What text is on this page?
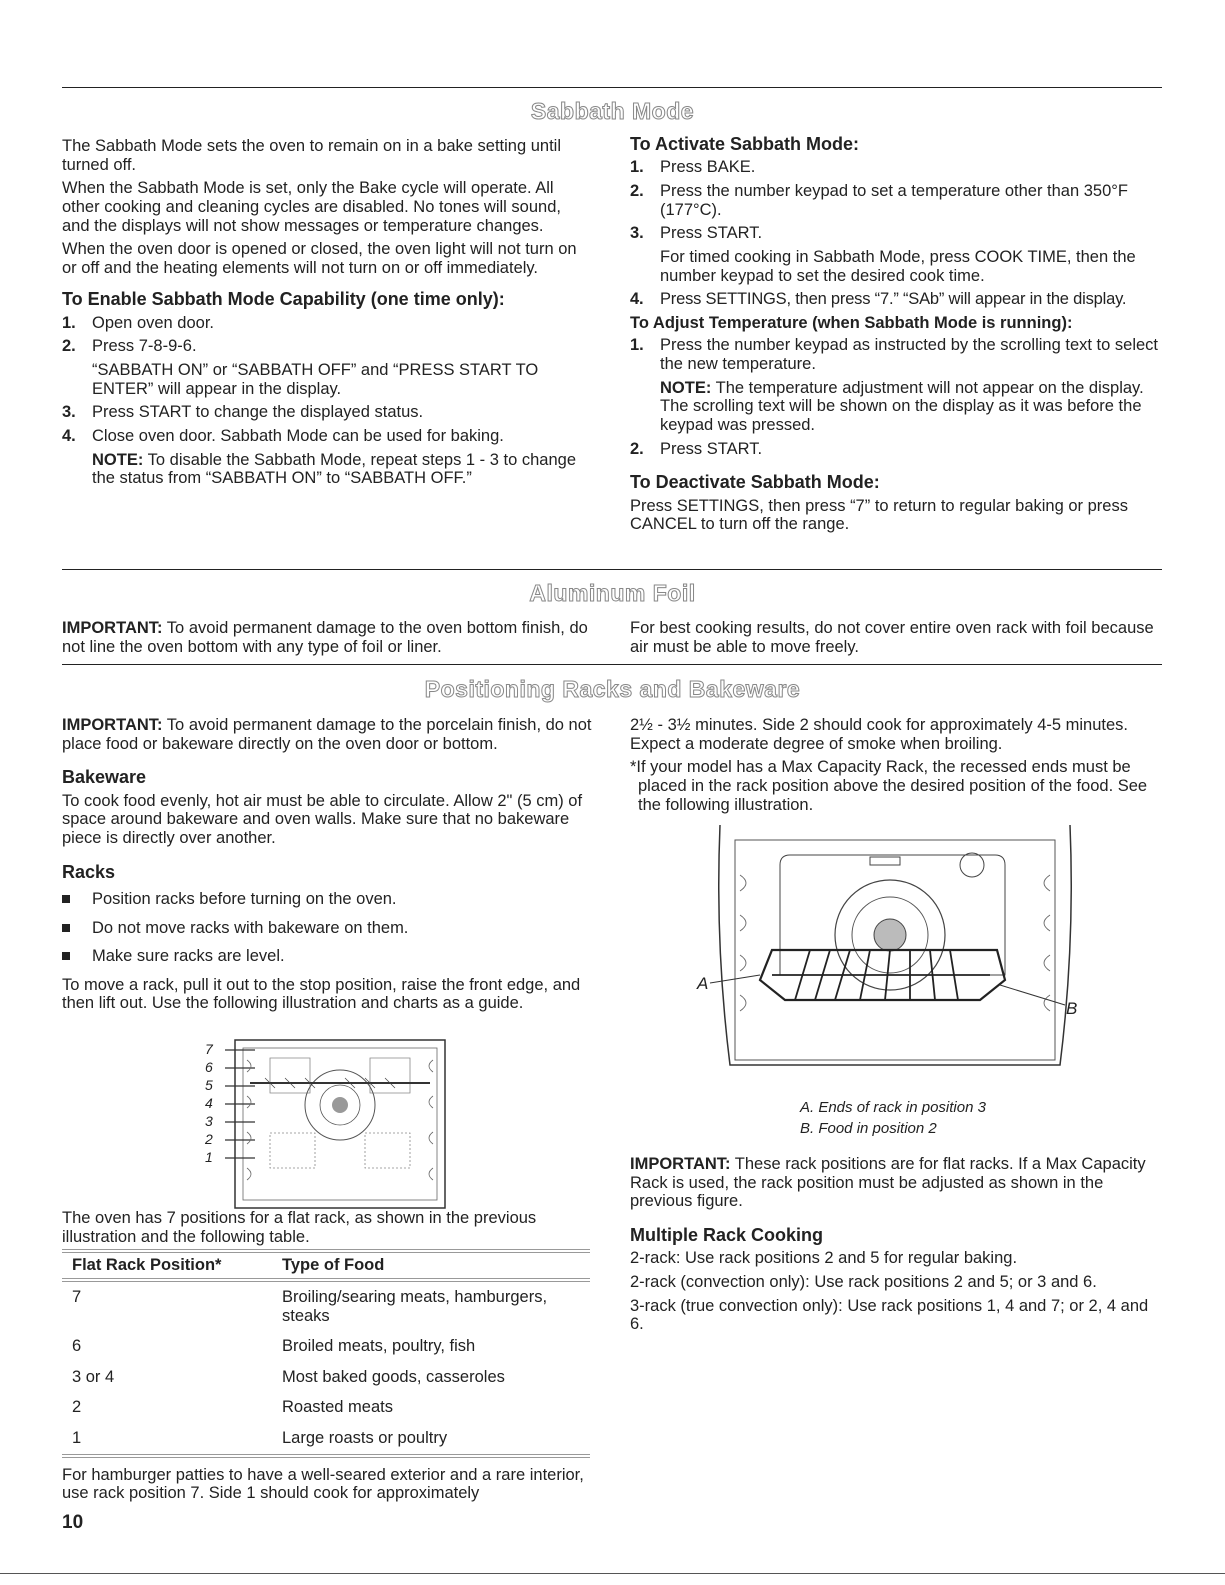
Sabbath Mode

The Sabbath Mode sets the oven to remain on in a bake setting until turned off.

When the Sabbath Mode is set, only the Bake cycle will operate. All other cooking and cleaning cycles are disabled. No tones will sound, and the displays will not show messages or temperature changes.

When the oven door is opened or closed, the oven light will not turn on or off and the heating elements will not turn on or off immediately.

To Enable Sabbath Mode Capability (one time only):
1. Open oven door.
2. Press 7-8-9-6.

“SABBATH ON” or “SABBATH OFF” and “PRESS START TO ENTER” will appear in the display.

3. Press START to change the displayed status.
4. Close oven door. Sabbath Mode can be used for baking.

NOTE: To disable the Sabbath Mode, repeat steps 1 - 3 to change the status from “SABBATH ON” to “SABBATH OFF.”

To Activate Sabbath Mode:
1. Press BAKE.
2. Press the number keypad to set a temperature other than 350°F (177°C).
3. Press START.

For timed cooking in Sabbath Mode, press COOK TIME, then the number keypad to set the desired cook time.

4. Press SETTINGS, then press “7.” “SAb” will appear in the display.
To Adjust Temperature (when Sabbath Mode is running):
1. Press the number keypad as instructed by the scrolling text to select the new temperature.

NOTE: The temperature adjustment will not appear on the display. The scrolling text will be shown on the display as it was before the keypad was pressed.

2. Press START.
To Deactivate Sabbath Mode:

Press SETTINGS, then press “7” to return to regular baking or press CANCEL to turn off the range.

Aluminum Foil

IMPORTANT: To avoid permanent damage to the oven bottom finish, do not line the oven bottom with any type of foil or liner.

For best cooking results, do not cover entire oven rack with foil because air must be able to move freely.

Positioning Racks and Bakeware

IMPORTANT: To avoid permanent damage to the porcelain finish, do not place food or bakeware directly on the oven door or bottom.

Bakeware

To cook food evenly, hot air must be able to circulate. Allow 2" (5 cm) of space around bakeware and oven walls. Make sure that no bakeware piece is directly over another.

Racks
Position racks before turning on the oven.
Do not move racks with bakeware on them.
Make sure racks are level.

To move a rack, pull it out to the stop position, raise the front edge, and then lift out. Use the following illustration and charts as a guide.

7
6
5
4
3
2
1

The oven has 7 positions for a flat rack, as shown in the previous illustration and the following table.

Flat Rack Position*	Type of Food
7	Broiling/searing meats, hamburgers, steaks
6	Broiled meats, poultry, fish
3 or 4	Most baked goods, casseroles
2	Roasted meats
1	Large roasts or poultry

For hamburger patties to have a well-seared exterior and a rare interior, use rack position 7. Side 1 should cook for approximately

2½ - 3½ minutes. Side 2 should cook for approximately 4-5 minutes. Expect a moderate degree of smoke when broiling.

*If your model has a Max Capacity Rack, the recessed ends must be placed in the rack position above the desired position of the food. See the following illustration.

A
B
A. Ends of rack in position 3
B. Food in position 2

IMPORTANT: These rack positions are for flat racks. If a Max Capacity Rack is used, the rack position must be adjusted as shown in the previous figure.

Multiple Rack Cooking

2-rack: Use rack positions 2 and 5 for regular baking.

2-rack (convection only): Use rack positions 2 and 5; or 3 and 6.

3-rack (true convection only): Use rack positions 1, 4 and 7; or 2, 4 and 6.

10
